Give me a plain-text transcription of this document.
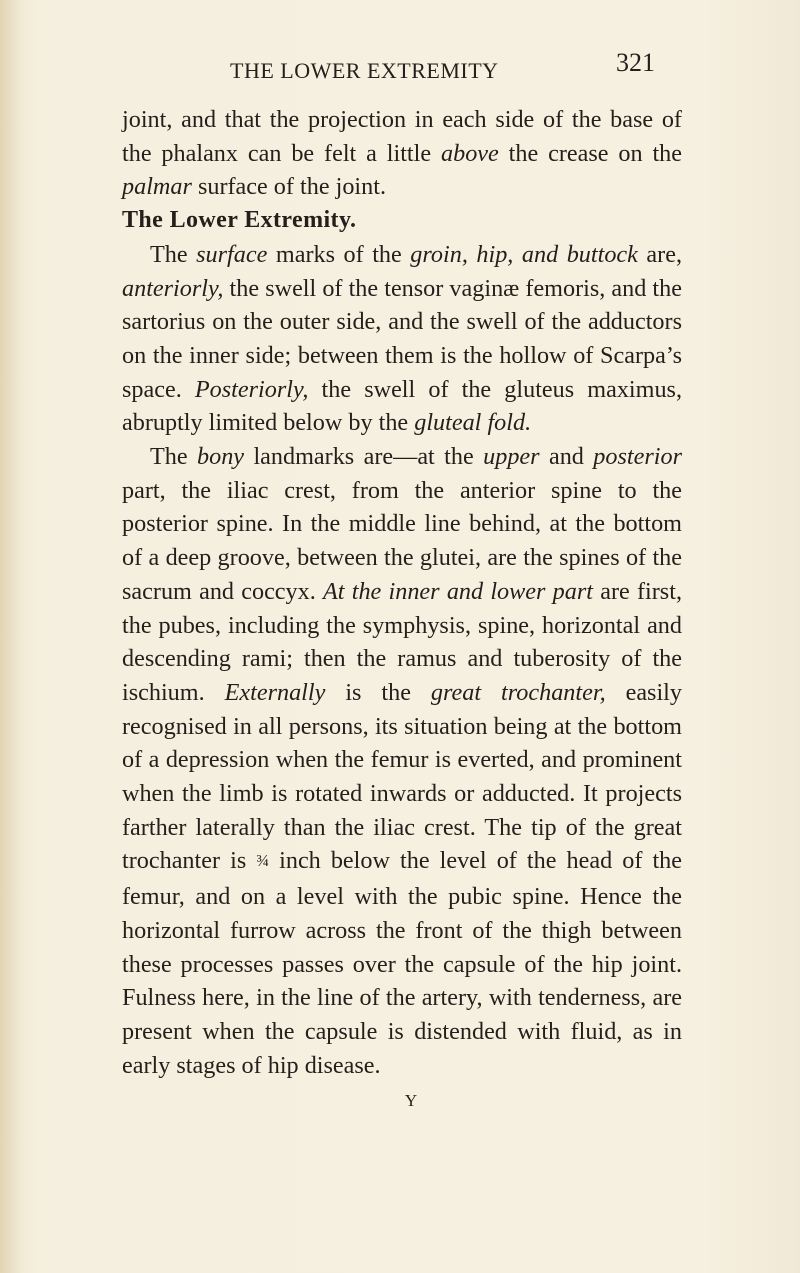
THE LOWER EXTREMITY	321

joint, and that the projection in each side of the base of the phalanx can be felt a little above the crease on the palmar surface of the joint.

The Lower Extremity.

The surface marks of the groin, hip, and buttock are, anteriorly, the swell of the tensor vaginæ femoris, and the sartorius on the outer side, and the swell of the adductors on the inner side; between them is the hollow of Scarpa’s space. Posteriorly, the swell of the gluteus maximus, abruptly limited below by the gluteal fold.

The bony landmarks are—at the upper and posterior part, the iliac crest, from the anterior spine to the posterior spine. In the middle line behind, at the bottom of a deep groove, between the glutei, are the spines of the sacrum and coccyx. At the inner and lower part are first, the pubes, including the symphysis, spine, horizontal and descending rami; then the ramus and tuberosity of the ischium. Externally is the great trochanter, easily recognised in all persons, its situation being at the bottom of a depression when the femur is everted, and prominent when the limb is rotated inwards or adducted. It projects farther laterally than the iliac crest. The tip of the great trochanter is ¾ inch below the level of the head of the femur, and on a level with the pubic spine. Hence the horizontal furrow across the front of the thigh between these processes passes over the capsule of the hip joint. Fulness here, in the line of the artery, with tenderness, are present when the capsule is distended with fluid, as in early stages of hip disease.

Y
